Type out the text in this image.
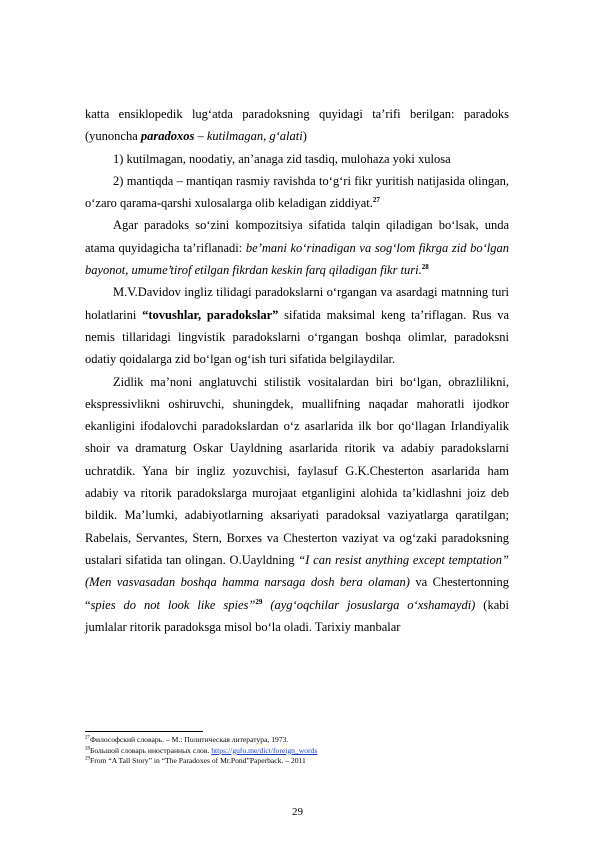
katta ensiklopedik lug‘atda paradoksning quyidagi ta’rifi berilgan: paradoks (yunoncha paradoxos – kutilmagan, g‘alati)

1) kutilmagan, noodatiy, an’anaga zid tasdiq, mulohaza yoki xulosa

2) mantiqda – mantiqan rasmiy ravishda to‘g‘ri fikr yuritish natijasida olingan, o‘zaro qarama-qarshi xulosalarga olib keladigan ziddiyat.$^{27}$

Agar paradoks so‘zini kompozitsiya sifatida talqin qiladigan bo‘lsak, unda atama quyidagicha ta’riflanadi: be’mani ko‘rinadigan va sog‘lom fikrga zid bo‘lgan bayonot, umume’tirof etilgan fikrdan keskin farq qiladigan fikr turi.$^{28}$

M.V.Davidov ingliz tilidagi paradokslarni o‘rgangan va asardagi matnning turi holatlarini “tovushlar, paradokslar” sifatida maksimal keng ta’riflagan. Rus va nemis tillaridagi lingvistik paradokslarni o‘rgangan boshqa olimlar, paradoksni odatiy qoidalarga zid bo‘lgan og‘ish turi sifatida belgilaydilar.

Zidlik ma’noni anglatuvchi stilistik vositalardan biri bo‘lgan, obrazlilikni, ekspressivlikni oshiruvchi, shuningdek, muallifning naqadar mahoratli ijodkor ekanligini ifodalovchi paradokslardan o‘z asarlarida ilk bor qo‘llagan Irlandiyalik shoir va dramaturg Oskar Uayldning asarlarida ritorik va adabiy paradokslarni uchratdik. Yana bir ingliz yozuvchisi, faylasuf G.K.Chesterton asarlarida ham adabiy va ritorik paradokslarga murojaat etganligini alohida ta’kidlashni joiz deb bildik. Ma’lumki, adabiyotlarning aksariyati paradoksal vaziyatlarga qaratilgan; Rabelais, Servantes, Stern, Borxes va Chesterton vaziyat va og‘zaki paradoksning ustalari sifatida tan olingan. O.Uayldning “I can resist anything except temptation” (Men vasvasadan boshqa hamma narsaga dosh bera olaman) va Chestertonning “spies do not look like spies”$^{29}$ (ayg‘oqchilar josuslarga o‘xshamaydi) (kabi jumlalar ritorik paradoksga misol bo‘la oladi. Tarixiy manbalar

$^{27}$Философский словарь. – M.: Политическая литература, 1973.

$^{28}$Большой словарь иностранных слов. https://gufo.me/dict/foreign_words

$^{29}$From “A Tall Story” in “The Paradoxes of Mr.Pond”Paperback. – 2011

29
